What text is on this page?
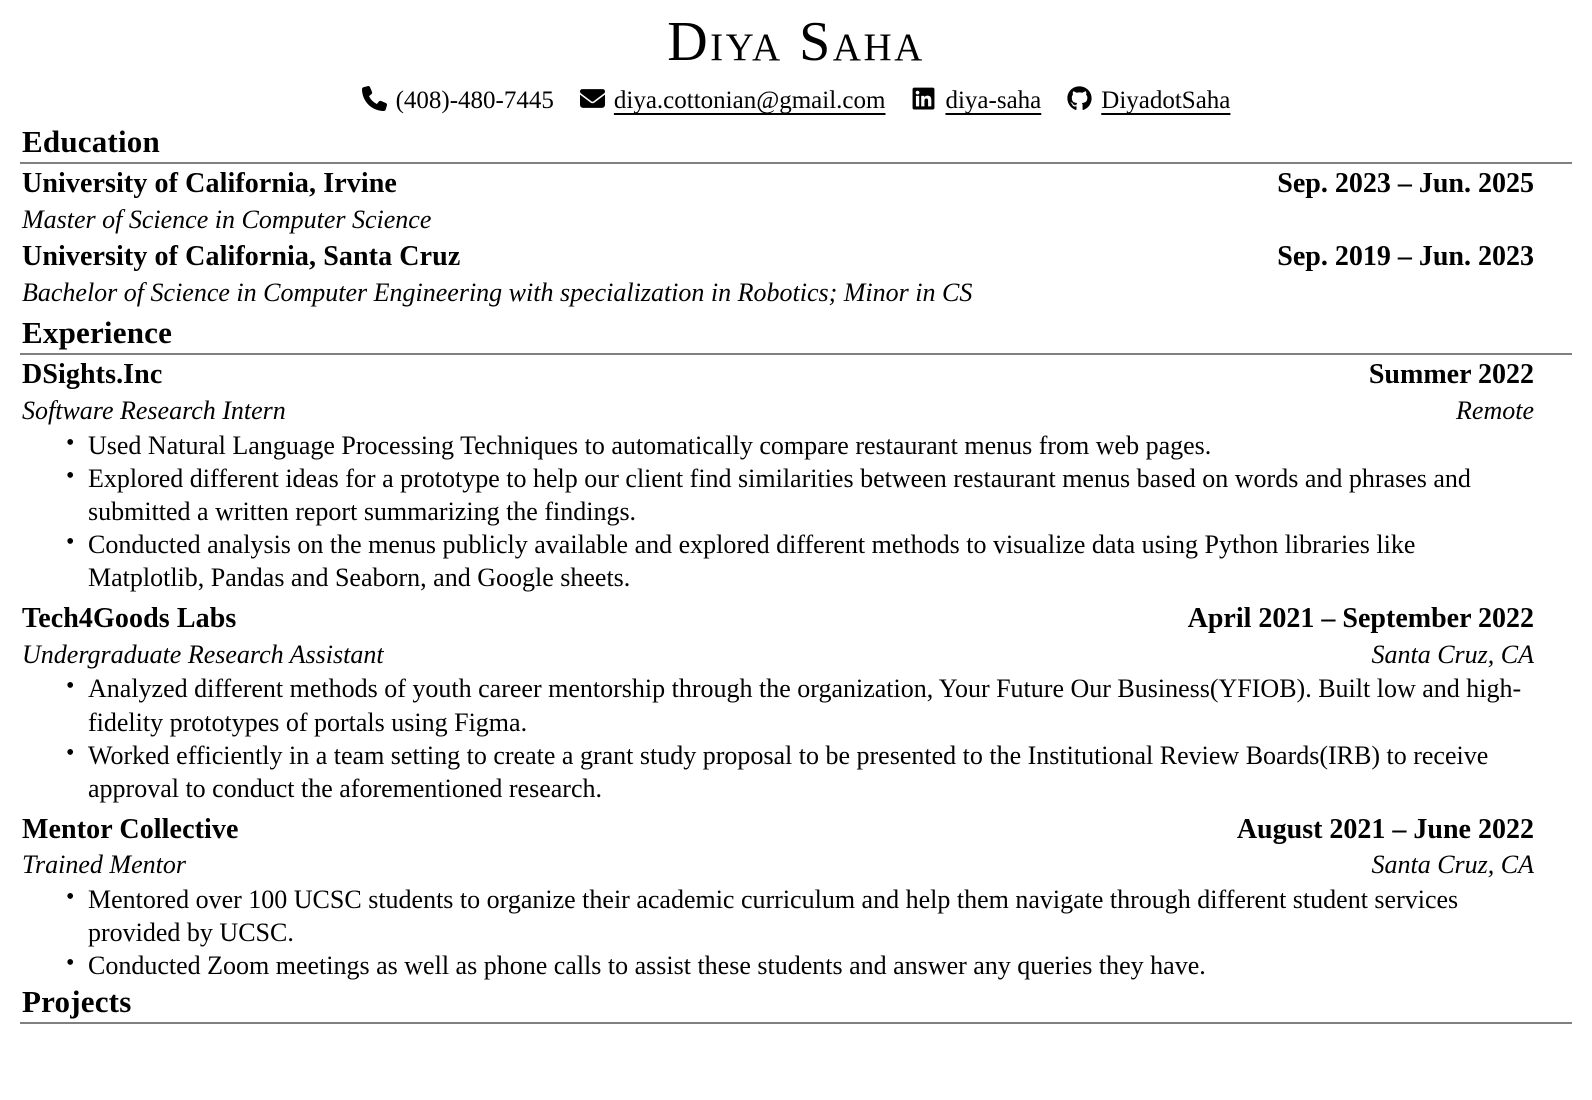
Diya Saha
(408)-480-7445 diya.cottonian@gmail.com diya-saha DiyadotSaha
Education
University of California, Irvine	Sep. 2023 – Jun. 2025
Master of Science in Computer Science
University of California, Santa Cruz	Sep. 2019 – Jun. 2023
Bachelor of Science in Computer Engineering with specialization in Robotics; Minor in CS
Experience
DSights.Inc	Summer 2022
Software Research Intern	Remote
• Used Natural Language Processing Techniques to automatically compare restaurant menus from web pages.
• Explored different ideas for a prototype to help our client find similarities between restaurant menus based on words and phrases and submitted a written report summarizing the findings.
• Conducted analysis on the menus publicly available and explored different methods to visualize data using Python libraries like Matplotlib, Pandas and Seaborn, and Google sheets.
Tech4Goods Labs	April 2021 – September 2022
Undergraduate Research Assistant	Santa Cruz, CA
• Analyzed different methods of youth career mentorship through the organization, Your Future Our Business(YFIOB). Built low and high-fidelity prototypes of portals using Figma.
• Worked efficiently in a team setting to create a grant study proposal to be presented to the Institutional Review Boards(IRB) to receive approval to conduct the aforementioned research.
Mentor Collective	August 2021 – June 2022
Trained Mentor	Santa Cruz, CA
• Mentored over 100 UCSC students to organize their academic curriculum and help them navigate through different student services provided by UCSC.
• Conducted Zoom meetings as well as phone calls to assist these students and answer any queries they have.
Projects
